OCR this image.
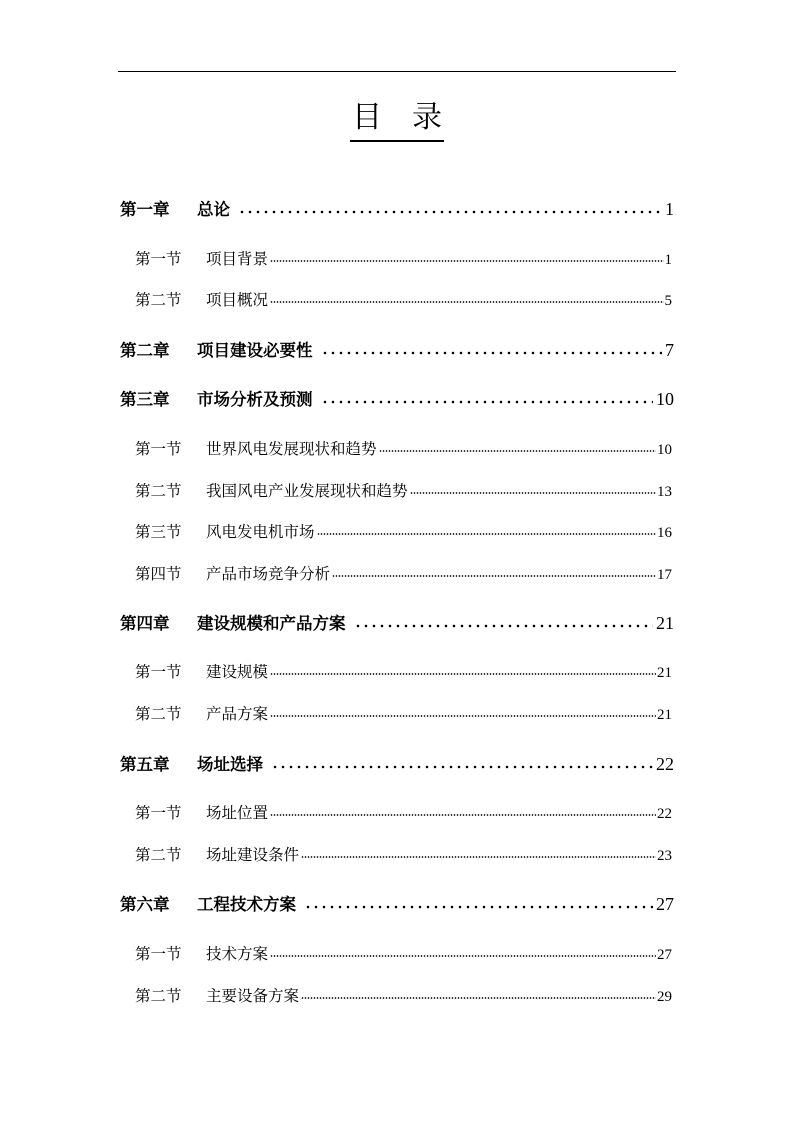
目　录
第一章	总论	1
第一节	项目背景	1
第二节	项目概况	5
第二章	项目建设必要性	7
第三章	市场分析及预测	10
第一节	世界风电发展现状和趋势	10
第二节	我国风电产业发展现状和趋势	13
第三节	风电发电机市场	16
第四节	产品市场竞争分析	17
第四章	建设规模和产品方案	21
第一节	建设规模	21
第二节	产品方案	21
第五章	场址选择	22
第一节	场址位置	22
第二节	场址建设条件	23
第六章	工程技术方案	27
第一节	技术方案	27
第二节	主要设备方案	29
